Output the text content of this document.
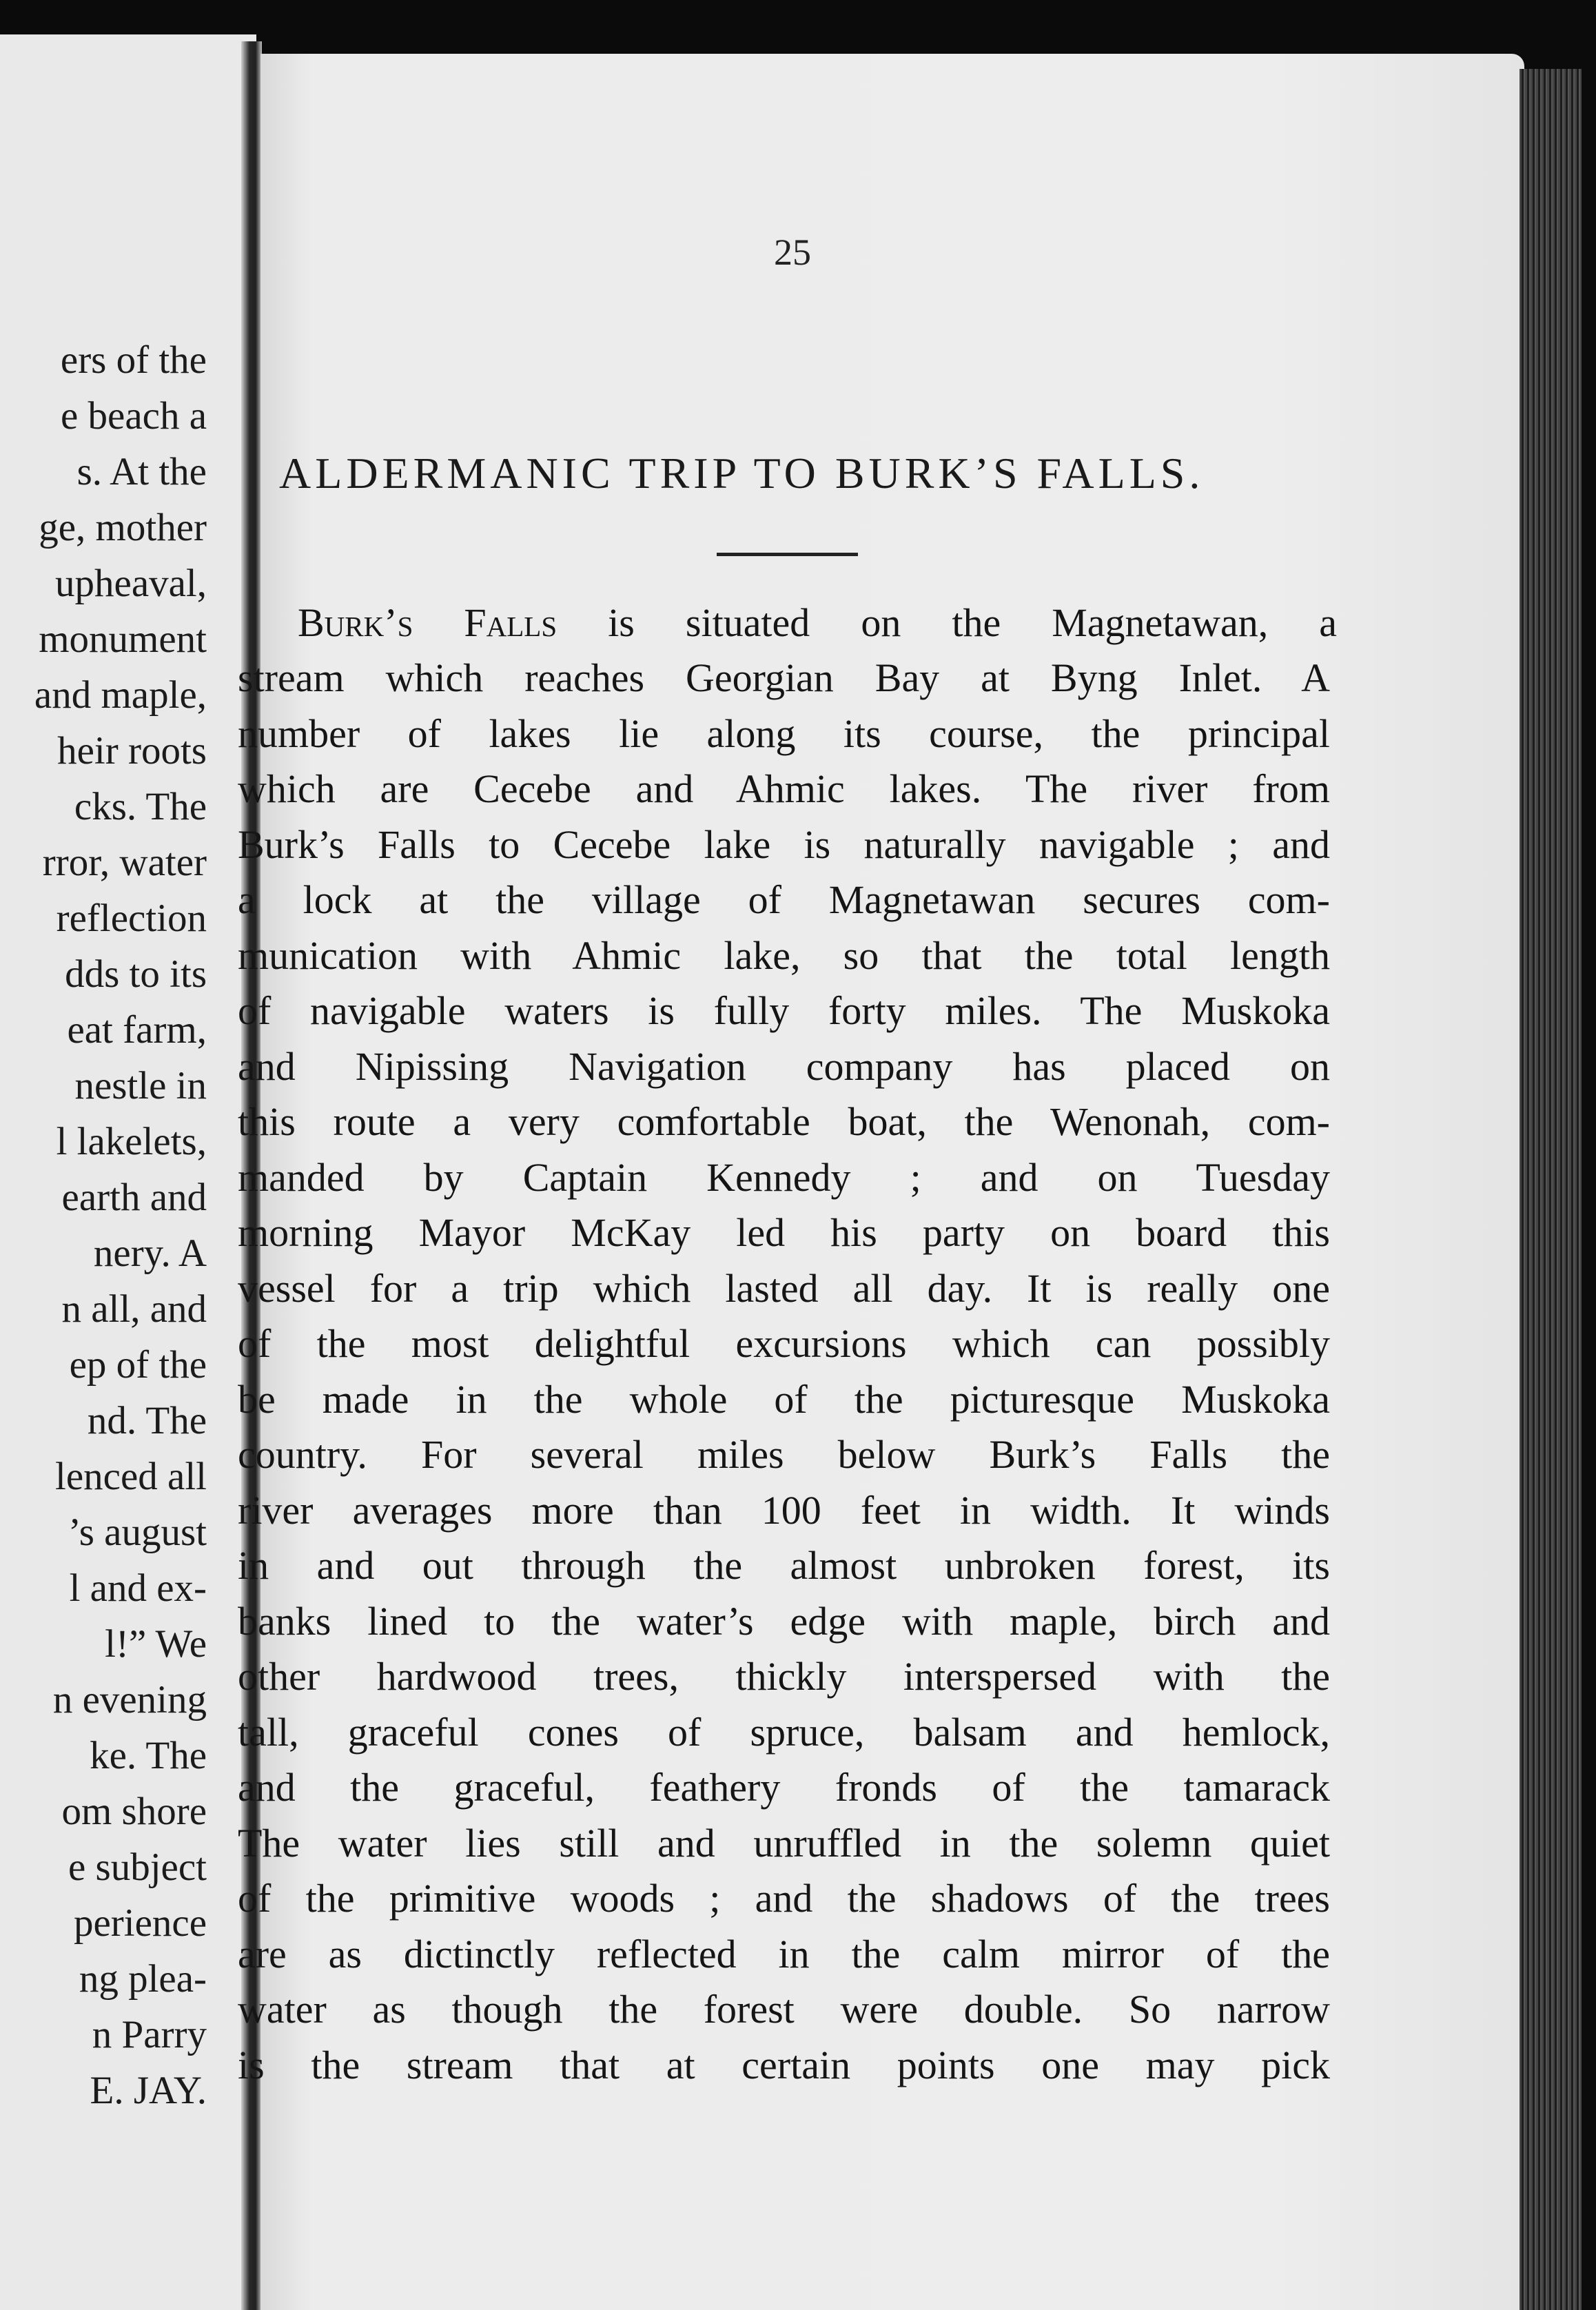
ers of the
e beach a
s. At the
ge, mother
upheaval,
monument
and maple,
heir roots
cks. The
rror, water
reflection
dds to its
eat farm,
nestle in
l lakelets,
earth and
nery. A
n all, and
ep of the
nd. The
lenced all
’s august
l and ex-
l!” We
n evening
ke. The
om shore
e subject
perience
ng plea-
n Parry
E. JAY.
25
ALDERMANIC TRIP TO BURK’S FALLS.
Burk’s Falls is situated on the Magnetawan, a
stream which reaches Georgian Bay at Byng Inlet. A
number of lakes lie along its course, the principal
which are Cecebe and Ahmic lakes. The river from
Burk’s Falls to Cecebe lake is naturally navigable ; and
a lock at the village of Magnetawan secures com-
munication with Ahmic lake, so that the total length
of navigable waters is fully forty miles. The Muskoka
and Nipissing Navigation company has placed on
this route a very comfortable boat, the Wenonah, com-
manded by Captain Kennedy ; and on Tuesday
morning Mayor McKay led his party on board this
vessel for a trip which lasted all day. It is really one
of the most delightful excursions which can possibly
be made in the whole of the picturesque Muskoka
country. For several miles below Burk’s Falls the
river averages more than 100 feet in width. It winds
in and out through the almost unbroken forest, its
banks lined to the water’s edge with maple, birch and
other hardwood trees, thickly interspersed with the
tall, graceful cones of spruce, balsam and hemlock,
and the graceful, feathery fronds of the tamarack
The water lies still and unruffled in the solemn quiet
of the primitive woods ; and the shadows of the trees
are as dictinctly reflected in the calm mirror of the
water as though the forest were double. So narrow
is the stream that at certain points one may pick
